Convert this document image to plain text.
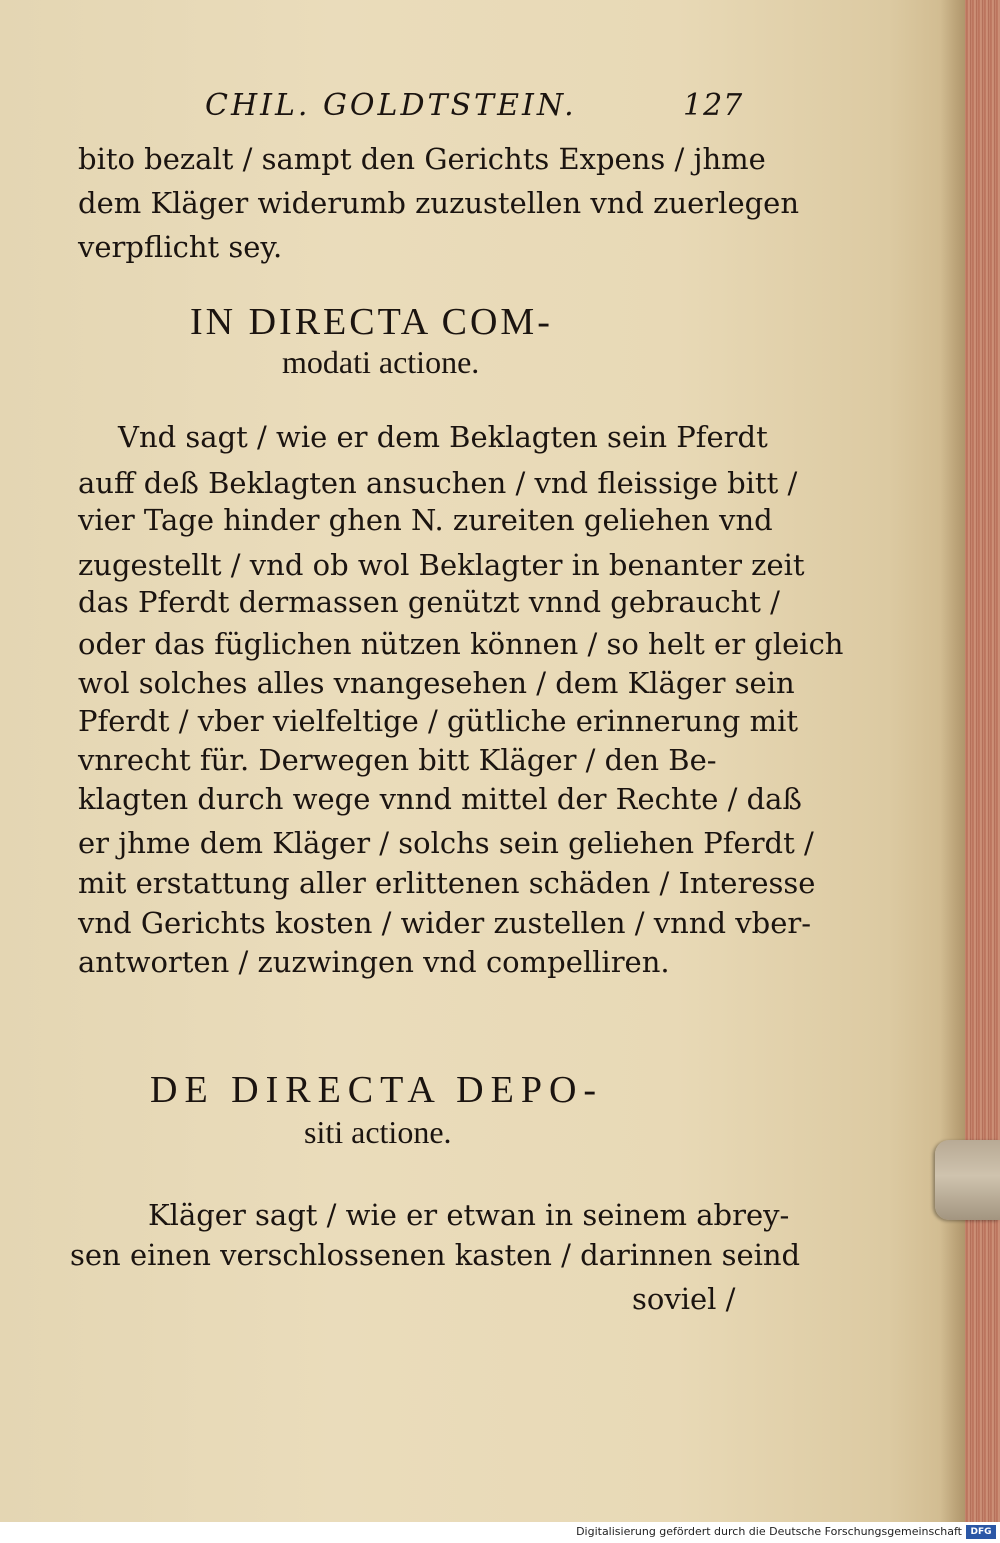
CHIL. GOLDTSTEIN.	127
bito bezalt / sampt den Gerichts Expens / jhme
dem Kläger widerumb zuzustellen vnd zuerlegen
verpflicht sey.
IN DIRECTA COM-
modati actione.
Vnd sagt / wie er dem Beklagten sein Pferdt
auff deß Beklagten ansuchen / vnd fleissige bitt /
vier Tage hinder ghen N. zureiten geliehen vnd
zugestellt / vnd ob wol Beklagter in benanter zeit
das Pferdt dermassen genützt vnnd gebraucht /
oder das füglichen nützen können / so helt er gleich
wol solches alles vnangesehen / dem Kläger sein
Pferdt / vber vielfeltige / gütliche erinnerung mit
vnrecht für. Derwegen bitt Kläger / den Be-
klagten durch wege vnnd mittel der Rechte / daß
er jhme dem Kläger / solchs sein geliehen Pferdt /
mit erstattung aller erlittenen schäden / Interesse
vnd Gerichts kosten / wider zustellen / vnnd vber-
antworten / zuzwingen vnd compelliren.
DE DIRECTA DEPO-
siti actione.
Kläger sagt / wie er etwan in seinem abrey-
sen einen verschlossenen kasten / darinnen seind
soviel /
Digitalisierung gefördert durch die Deutsche Forschungsgemeinschaft DFG
